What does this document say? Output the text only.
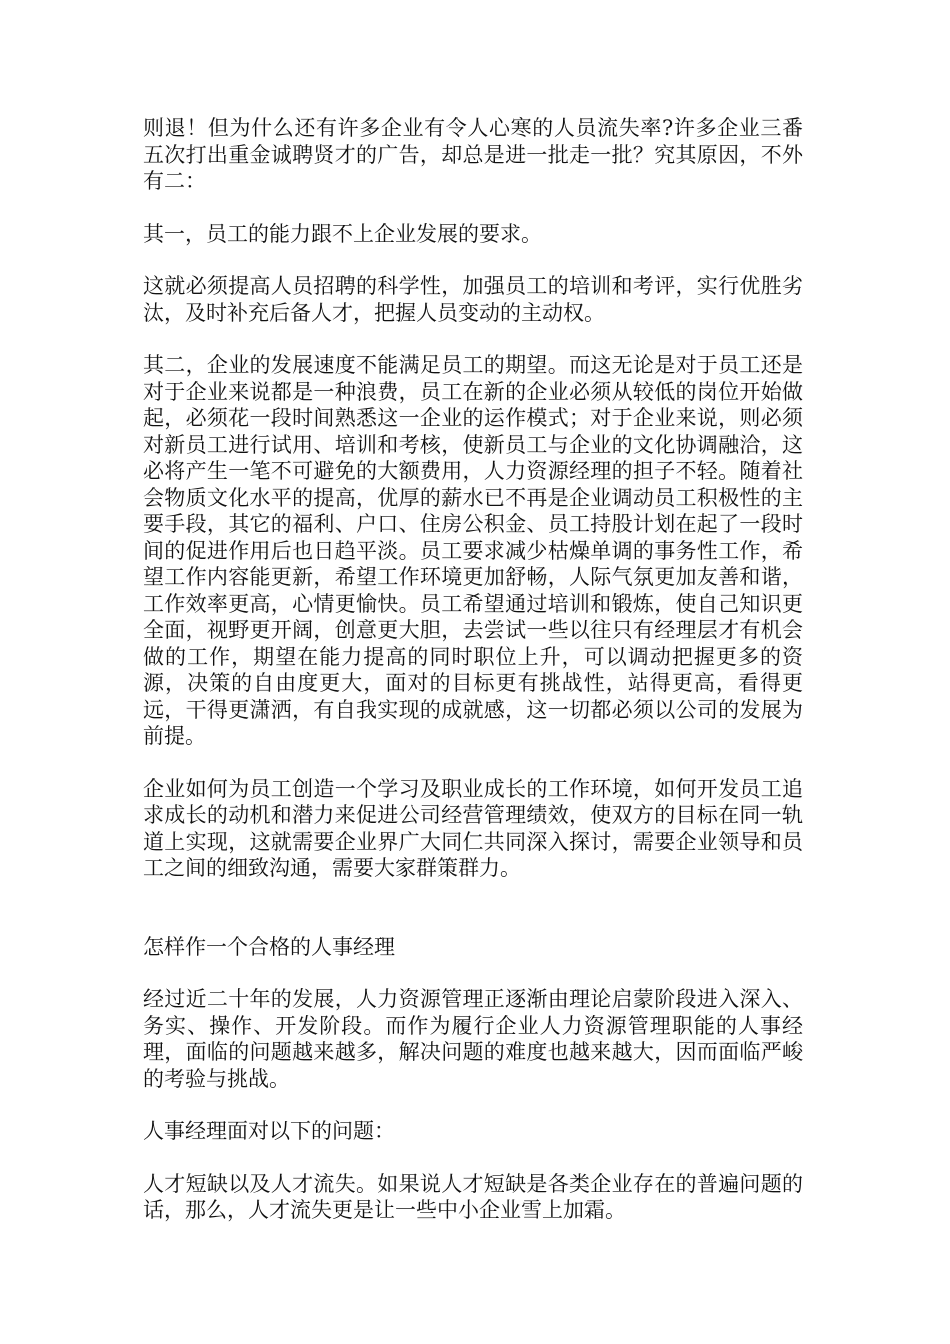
则退！但为什么还有许多企业有令人心寒的人员流失率?许多企业三番五次打出重金诚聘贤才的广告，却总是进一批走一批？究其原因，不外有二：

其一，员工的能力跟不上企业发展的要求。

这就必须提高人员招聘的科学性，加强员工的培训和考评，实行优胜劣汰，及时补充后备人才，把握人员变动的主动权。

其二，企业的发展速度不能满足员工的期望。而这无论是对于员工还是对于企业来说都是一种浪费，员工在新的企业必须从较低的岗位开始做起，必须花一段时间熟悉这一企业的运作模式；对于企业来说，则必须对新员工进行试用、培训和考核，使新员工与企业的文化协调融洽，这必将产生一笔不可避免的大额费用，人力资源经理的担子不轻。随着社会物质文化水平的提高，优厚的薪水已不再是企业调动员工积极性的主要手段，其它的福利、户口、住房公积金、员工持股计划在起了一段时间的促进作用后也日趋平淡。员工要求减少枯燥单调的事务性工作，希望工作内容能更新，希望工作环境更加舒畅，人际气氛更加友善和谐，工作效率更高，心情更愉快。员工希望通过培训和锻炼，使自己知识更全面，视野更开阔，创意更大胆，去尝试一些以往只有经理层才有机会做的工作，期望在能力提高的同时职位上升，可以调动把握更多的资源，决策的自由度更大，面对的目标更有挑战性，站得更高，看得更远，干得更潇洒，有自我实现的成就感，这一切都必须以公司的发展为前提。

企业如何为员工创造一个学习及职业成长的工作环境，如何开发员工追求成长的动机和潜力来促进公司经营管理绩效，使双方的目标在同一轨道上实现，这就需要企业界广大同仁共同深入探讨，需要企业领导和员工之间的细致沟通，需要大家群策群力。

怎样作一个合格的人事经理

经过近二十年的发展，人力资源管理正逐渐由理论启蒙阶段进入深入、务实、操作、开发阶段。而作为履行企业人力资源管理职能的人事经理，面临的问题越来越多，解决问题的难度也越来越大，因而面临严峻的考验与挑战。

人事经理面对以下的问题：

人才短缺以及人才流失。如果说人才短缺是各类企业存在的普遍问题的话，那么，人才流失更是让一些中小企业雪上加霜。
